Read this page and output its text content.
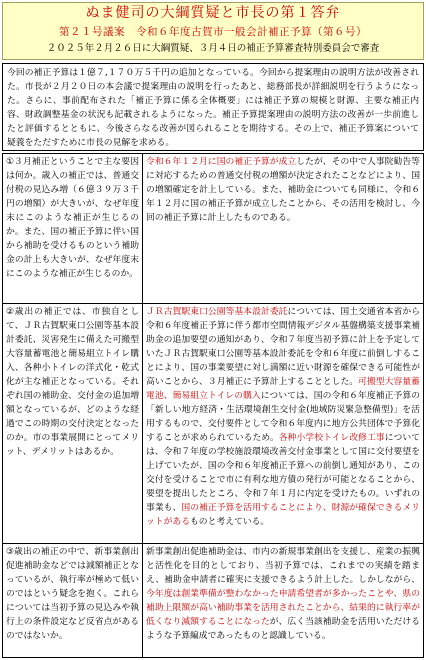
ぬま健司の大綱質疑と市長の第１答弁
第２１号議案　令和６年度古賀市一般会計補正予算（第６号）
２０２５年２月２６日に大綱質疑、３月４日の補正予算審査特別委員会で審査
今回の補正予算は１億７,１７０万５千円の追加となっている。今回から提案理由の説明方法が改善された。市長が２月２０日の本会議で提案理由の説明を行ったあと、総務部長が詳細説明を行うようになった。さらに、事前配布された「補正予算に係る全体概要」には補正予算の規模と財源、主要な補正内容、財政調整基金の状況も記載されるようになった。補正予算提案理由の説明方法の改善が一歩前進したと評価するとともに、今後さらなる改善が図られることを期待する。その上で、補正予算案について疑義をただすために市長の見解を求める。
①３月補正ということで主な要因は何か。歳入の補正では、普通交付税の見込み増（６億３９万３千円の増額）が大きいが、なぜ年度末にこのような補正が生じるのか。また、国の補正予算に伴い国から補助を受けるものという補助金の計上も大きいが、なぜ年度末にこのような補正が生じるのか。	令和６年１２月に国の補正予算が成立したが、その中で人事院勧告等に対応するための普通交付税の増額が決定されたことなどにより、国の増額確定を計上している。また、補助金についても同様に、令和６年１２月に国の補正予算が成立したことから、その活用を検討し、今回の補正予算に計上したものである。
②歳出の補正では、市独自として、ＪＲ古賀駅東口公園等基本設計委託、災害発生に備えた可搬型大容量蓄電池と簡易組立トイレ購入、各种小トイレの洋式化・乾式化が主な補正となっている。それぞれ国の補助金、交付金の追加増額となっているが、どのような経過でこの時期の交付決定となったのか。市の事業展開にとってメリット、デメリットはあるか。	ＪＲ古賀駅東口公園等基本設計委託については、国土交通省本省から令和６年度補正予算に伴う都市空間情報デジタル基盤構築支援事業補助金の追加要望の通知があり、令和７年度当初予算に計上を予定していたＪＲ古賀駅東口公園等基本設計委託を令和６年度に前倒しすることにより、国の事業要望に対し満額に近い財源を確保できる可能性が高いことから、３月補正に予算計上することとした。可搬型大容量蓄電池、簡易組立トイレの購入については、国の令和６年度補正予算の「新しい地方経済・生活環境創生交付金(地域防災緊急整備型)」を活用するもので、交付要件として令和６年度内に地方公共団体で予算化することが求められているため。各种小学校トイレ改修工事については、令和７年度の学校施設環境改善交付金事業として国に交付要望を上げていたが、国の令和６年度補正予算への前倒し通知があり、この交付を受けることで市に有利な地方債の発行が可能となることから、要望を提出したところ、令和７年１月に内定を受けたもの。いずれの事業も、国の補正予算を活用することにより、財源が確保できるメリットがあるものと考えている。
③歳出の補正の中で、新事業創出促進補助金などでは減額補正となっているが、執行率が極めて低いのではという疑念を抱く。これらについては当初予算の見込みや執行上の条件設定など反省点があるのではないか。	新事業創出促進補助金は、市内の新規事業創出を支援し、産業の振興と活性化を目的としており、当初予算では、これまでの実績を踏まえ、補助金申請者に確実に支援できるよう計上した。しかしながら、今年度は創業準備が整わなかった申請希望者が多かったことや、県の補助上限額が高い補助事業を活用されたことから、結果的に執行率が低くなり減額することになったが、広く当該補助金を活用いただけるような予算編成であったものと認識している。
